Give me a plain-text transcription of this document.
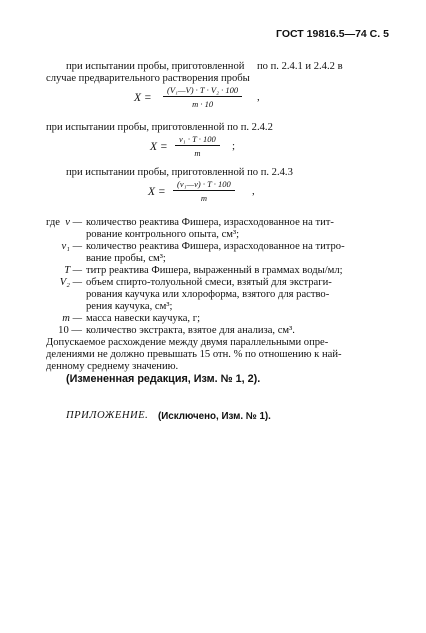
ГОСТ 19816.5—74 С. 5
при испытании пробы, приготовленной по п. 2.4.1 и 2.4.2 в
случае предварительного растворения пробы
X =
(V₁—V) · T · V₂ · 100
m · 10
,
при испытании пробы, приготовленной по п. 2.4.2
X =
v₁ · T · 100
m
;
при испытании пробы, приготовленной по п. 2.4.3
X =
(v₁—v) · T · 100
m
,
где v — количество реактива Фишера, израсходованное на тит-
рование контрольного опыта, см³;
v₁ — количество реактива Фишера, израсходованное на титро-
вание пробы, см³;
T — титр реактива Фишера, выраженный в граммах воды/мл;
V₂ — объем спирто-толуольной смеси, взятый для экстраги-
рования каучука или хлороформа, взятого для раство-
рения каучука, см³;
m — масса навески каучука, г;
10 — количество экстракта, взятое для анализа, см³.
Допускаемое расхождение между двумя параллельными опре-
делениями не должно превышать 15 отн. % по отношению к най-
денному среднему значению.
(Измененная редакция, Изм. № 1, 2).
ПРИЛОЖЕНИЕ. (Исключено, Изм. № 1).
